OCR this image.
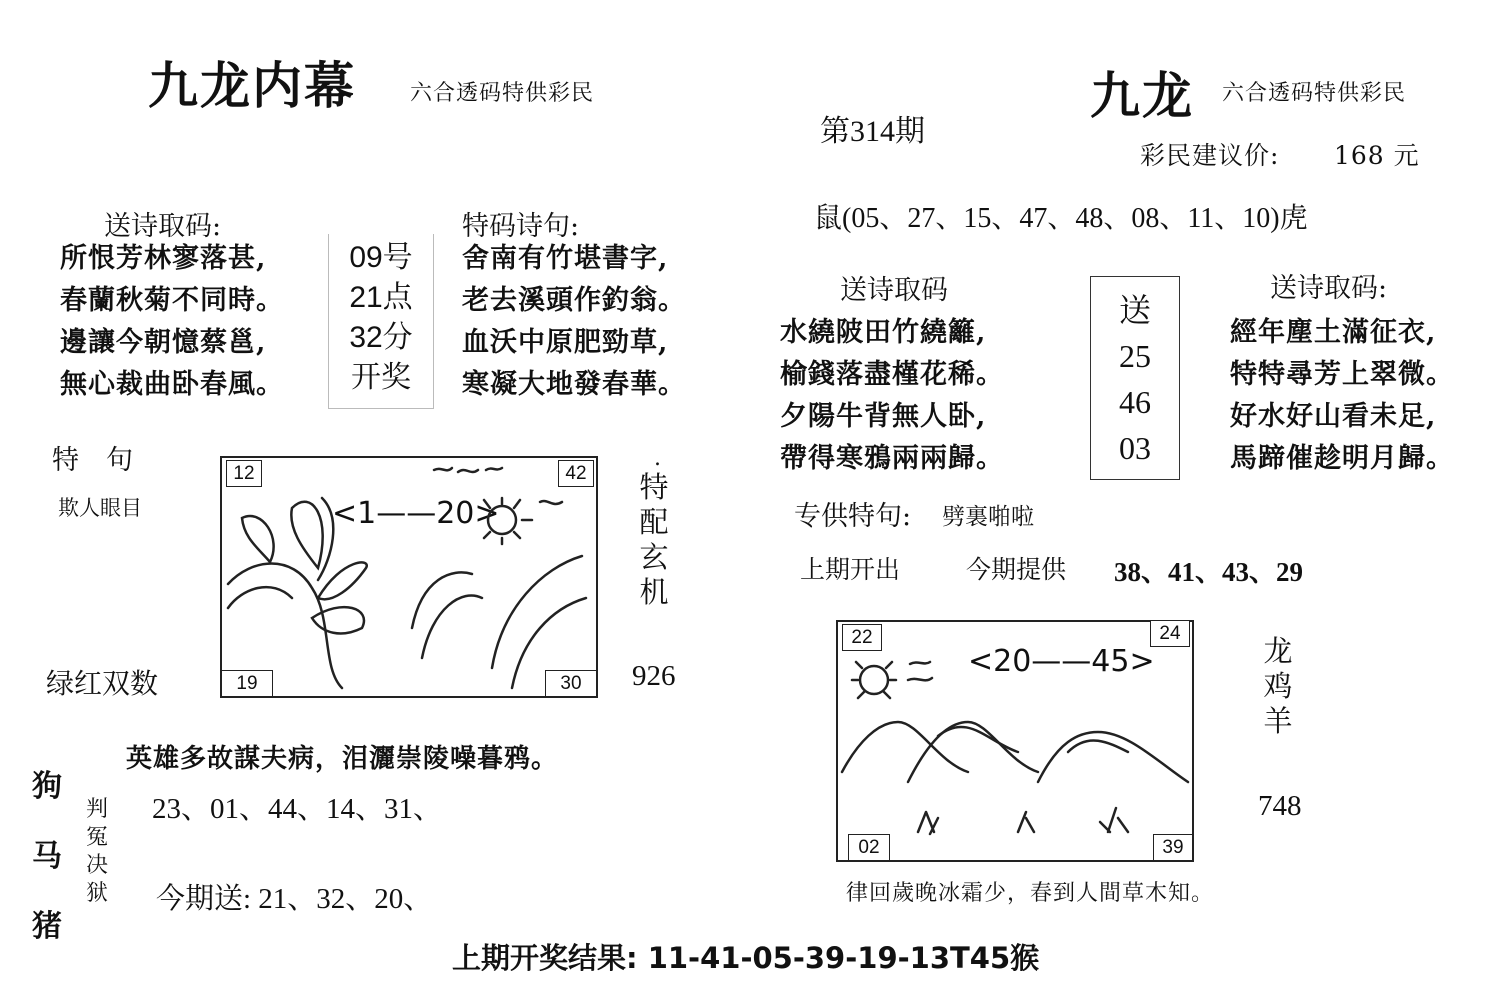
九龙内幕 六合透码特供彩民
送诗取码:
所恨芳林寥落甚,
春蘭秋菊不同時。
邊讓今朝憶蔡邕,
無心裁曲卧春風。
09号
21点
32分
开奖
特码诗句:
舍南有竹堪書字,
老去溪頭作釣翁。
血沃中原肥勁草,
寒凝大地發春華。
特　句
欺人眼目
12	42
19	30
<1——20>
特
配
玄
机
.
绿红双数	926
英雄多故謀夫病，泪灑崇陵噪暮鸦。
狗
马
猪
判
冤
决
狱
23、01、44、14、31、
今期送: 21、32、20、
九龙 六合透码特供彩民
第314期
彩民建议价: 168 元
鼠(05、27、15、47、48、08、11、10)虎
送诗取码
水繞陂田竹繞籬,
榆錢落盡槿花稀。
夕陽牛背無人卧,
帶得寒鴉兩兩歸。
送
25
46
03
送诗取码:
經年塵土滿征衣,
特特尋芳上翠微。
好水好山看未足,
馬蹄催趁明月歸。
专供特句: 劈裏啪啦
上期开出	今期提供 38、41、43、29
22	24
02	39
<20——45>	龙
鸡
羊
748
律回歲晚冰霜少，春到人間草木知。
上期开奖结果: 11-41-05-39-19-13T45猴
